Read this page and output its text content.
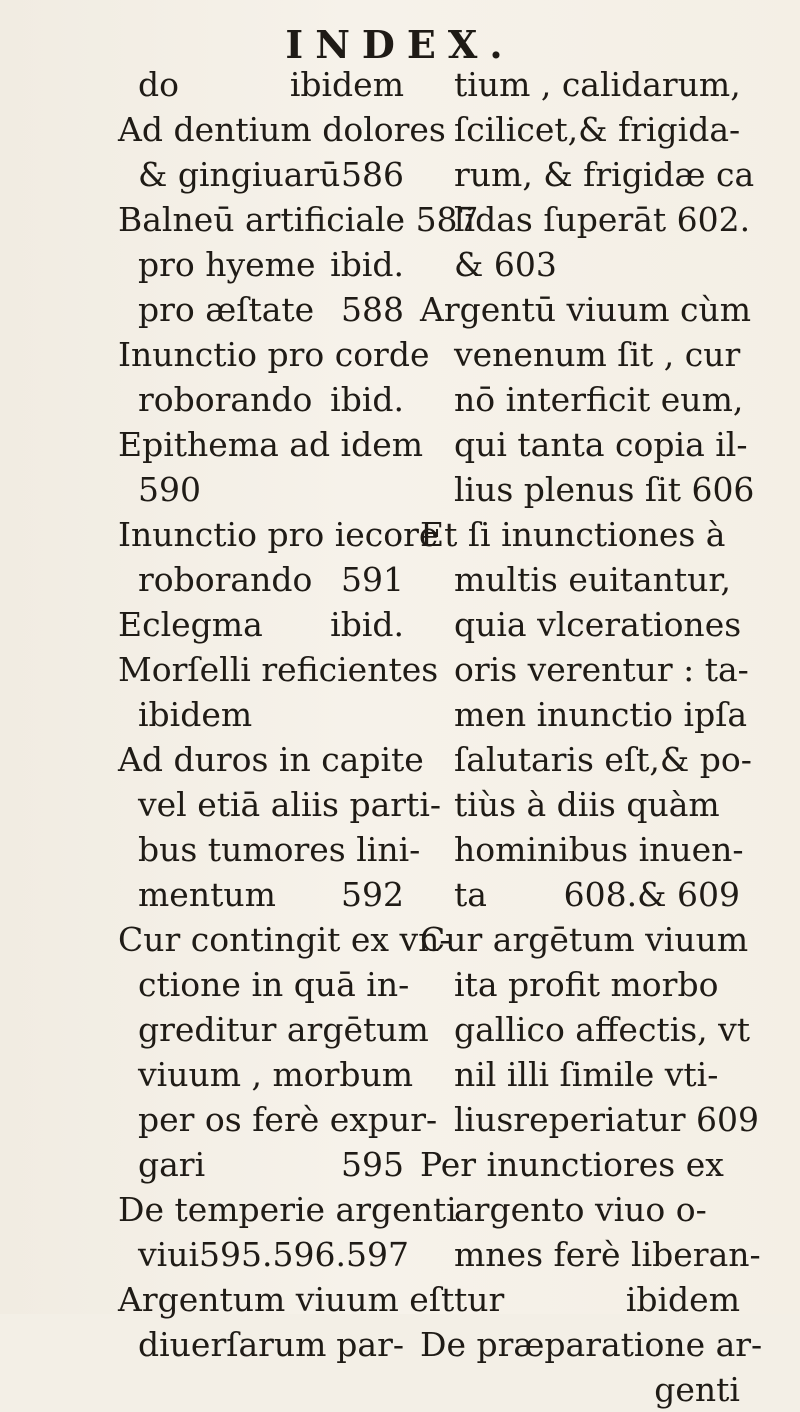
INDEX.
do	ibidem
Ad dentium dolores
& gingiuarū 586
Balneū artificiale 587
pro hyeme ibid.
pro æſtate 588
Inunctio pro corde
roborando ibid.
Epithema ad idem
590
Inunctio pro iecore
roborando 591
Eclegma ibid.
Morſelli reficientes
ibidem
Ad duros in capite
vel etiā aliis parti-
bus tumores lini-
mentum 592
Cur contingit ex vn-
ctione in quā in-
greditur argētum
viuum , morbum
per os ferè expur-
gari	595
De temperie argenti
viui 595.596.597
Argentum viuum eſt
diuerſarum par-
tium , calidarum,
ſcilicet,& frigida-
rum, & frigidæ ca
lidas ſuperāt 602.
& 603
Argentū viuum cùm
venenum ſit , cur
nō interficit eum,
qui tanta copia il-
lius plenus ſit 606
Et ſi inunctiones à
multis euitantur,
quia vlcerationes
oris verentur : ta-
men inunctio ipſa
ſalutaris eſt,& po-
tiùs à diis quàm
hominibus inuen-
ta 608.& 609
Cur argētum viuum
ita profit morbo
gallico affectis, vt
nil illi ſimile vti-
liusreperiatur 609
Per inunctiores ex
argento viuo o-
mnes ferè liberan-
tur	ibidem
De præparatione ar-
genti
